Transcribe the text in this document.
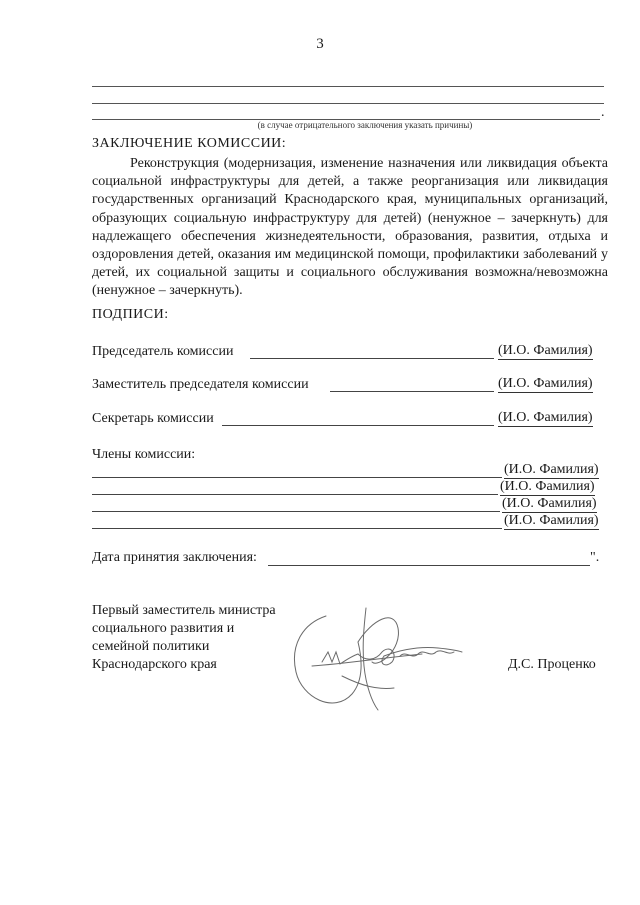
3
.
(в случае отрицательного заключения указать причины)
ЗАКЛЮЧЕНИЕ КОМИССИИ:
Реконструкция (модернизация, изменение назначения или ликвидация объекта социальной инфраструктуры для детей, а также реорганизация или ликвидация государственных организаций Краснодарского края, муниципальных организаций, образующих социальную инфраструктуру для детей) (ненужное – зачеркнуть) для надлежащего обеспечения жизнедеятельности, образования, развития, отдыха и оздоровления детей, оказания им медицинской помощи, профилактики заболеваний у детей, их социальной защиты и социального обслуживания возможна/невозможна (ненужное – зачеркнуть).
ПОДПИСИ:
Председатель комиссии	(И.О. Фамилия)
Заместитель председателя комиссии	(И.О. Фамилия)
Секретарь комиссии	(И.О. Фамилия)
Члены комиссии:
(И.О. Фамилия)
(И.О. Фамилия)
(И.О. Фамилия)
(И.О. Фамилия)
Дата принятия заключения:	".
Первый заместитель министра
социального развития и
семейной политики
Краснодарского края	Д.С. Проценко
